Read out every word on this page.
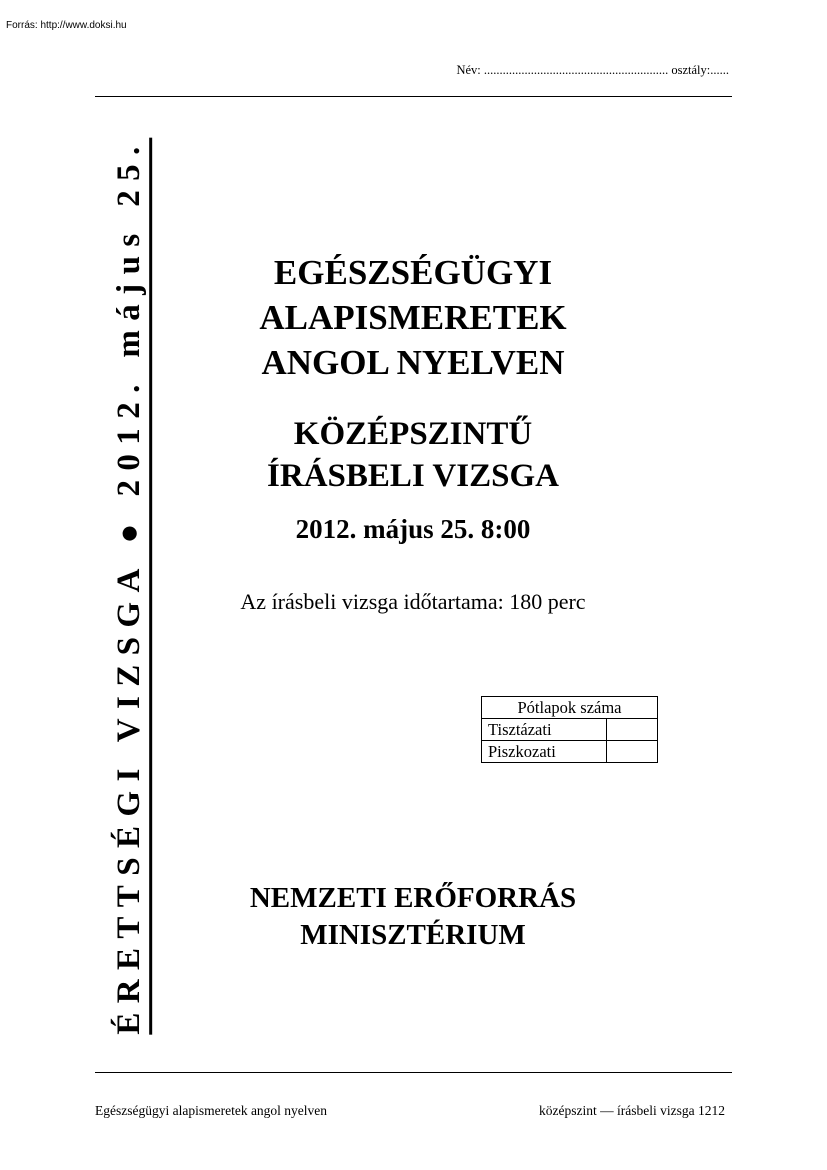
Forrás: http://www.doksi.hu
Név: ........................................................... osztály:......
ÉRETTSÉGI VIZSGA ● 2012. május 25.	EGÉSZSÉGÜGYI
ALAPISMERETEK
ANGOL NYELVEN
KÖZÉPSZINTŰ
ÍRÁSBELI VIZSGA
2012. május 25. 8:00
Az írásbeli vizsga időtartama: 180 perc
Pótlapok száma	
Tisztázati	
Piszkozati	
NEMZETI ERŐFORRÁS
MINISZTÉRIUM
Egészségügyi alapismeretek angol nyelven	középszint — írásbeli vizsga 1212
